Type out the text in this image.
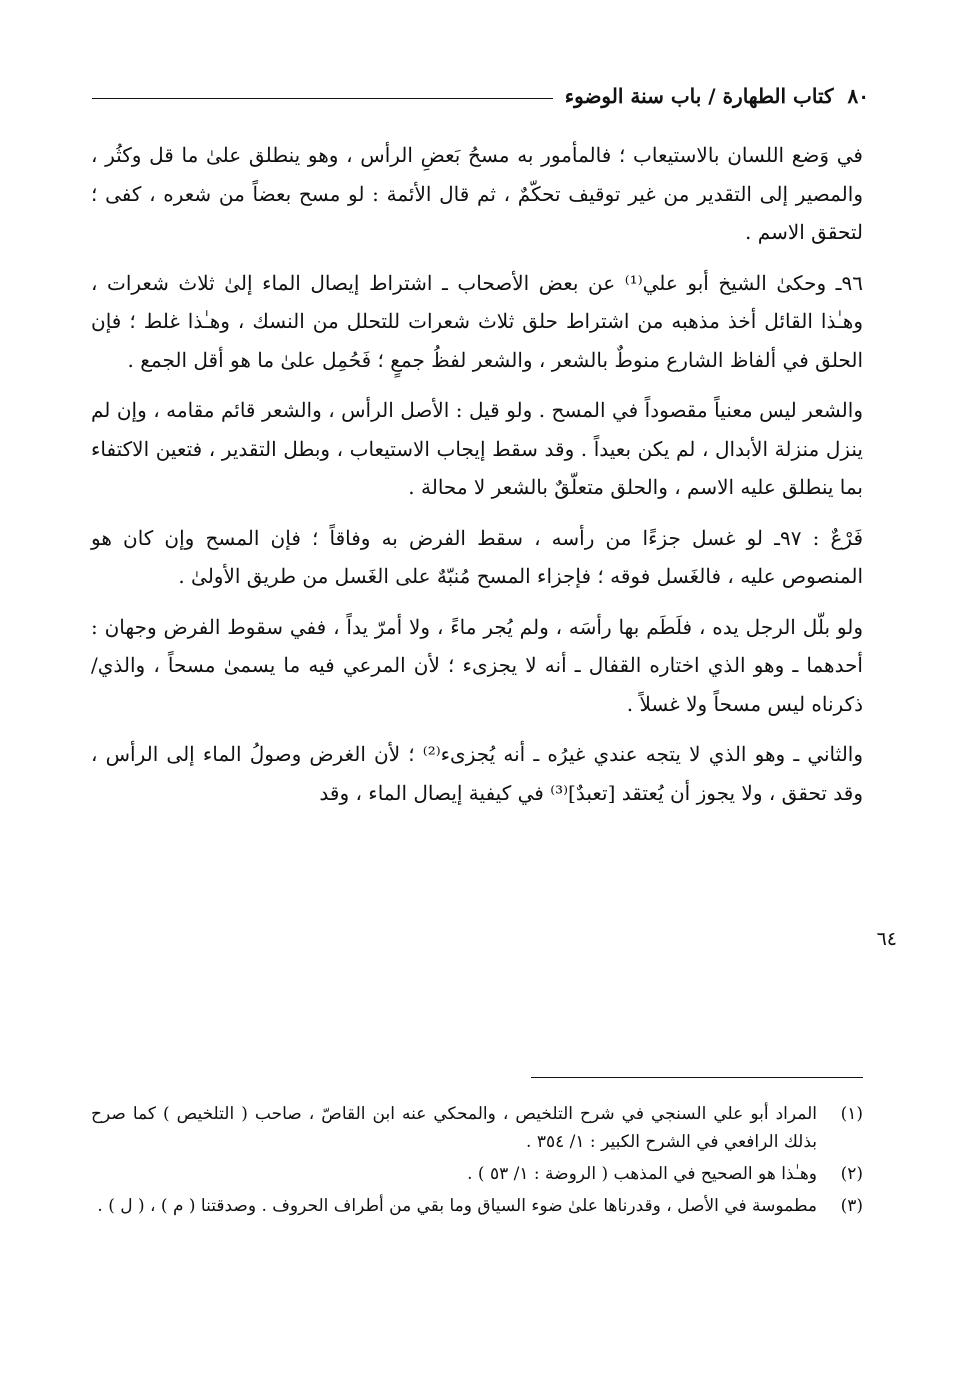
٨٠
كتاب الطهارة / باب سنة الوضوء

في وَضع اللسان بالاستيعاب ؛ فالمأمور به مسحُ بَعضِ الرأس ، وهو ينطلق علىٰ ما قل وكثُر ، والمصير إلى التقدير من غير توقيف تحكّمٌ ، ثم قال الأئمة : لو مسح بعضاً من شعره ، كفى ؛ لتحقق الاسم .

٩٦ـ وحكىٰ الشيخ أبو علي⁽¹⁾ عن بعض الأصحاب ـ اشتراط إيصال الماء إلىٰ ثلاث شعرات ، وهـٰذا القائل أخذ مذهبه من اشتراط حلق ثلاث شعرات للتحلل من النسك ، وهـٰذا غلط ؛ فإن الحلق في ألفاظ الشارع منوطٌ بالشعر ، والشعر لفظُ جمعٍ ؛ فَحُمِل علىٰ ما هو أقل الجمع .

والشعر ليس معنياً مقصوداً في المسح . ولو قيل : الأصل الرأس ، والشعر قائم مقامه ، وإن لم ينزل منزلة الأبدال ، لم يكن بعيداً . وقد سقط إيجاب الاستيعاب ، وبطل التقدير ، فتعين الاكتفاء بما ينطلق عليه الاسم ، والحلق متعلّقٌ بالشعر لا محالة .

فَرْعٌ : ٩٧ـ لو غسل جزءًا من رأسه ، سقط الفرض به وفاقاً ؛ فإن المسح وإن كان هو المنصوص عليه ، فالغَسل فوقه ؛ فإجزاء المسح مُنبّهٌ على الغَسل من طريق الأولىٰ .

ولو بلّل الرجل يده ، فلَطَم بها رأسَه ، ولم يُجر ماءً ، ولا أمرّ يداً ، ففي سقوط الفرض وجهان : أحدهما ـ وهو الذي اختاره القفال ـ أنه لا يجزىء ؛ لأن المرعي فيه ما يسمىٰ مسحاً ، والذي/ ذكرناه ليس مسحاً ولا غسلاً .

والثاني ـ وهو الذي لا يتجه عندي غيرُه ـ أنه يُجزىء⁽²⁾ ؛ لأن الغرض وصولُ الماء إلى الرأس ، وقد تحقق ، ولا يجوز أن يُعتقد [تعبدٌ]⁽³⁾ في كيفية إيصال الماء ، وقد

٦٤
(١)
المراد أبو علي السنجي في شرح التلخيص ، والمحكي عنه ابن القاصّ ، صاحب ( التلخيص ) كما صرح بذلك الرافعي في الشرح الكبير : ١/ ٣٥٤ .
(٢)
وهـٰذا هو الصحيح في المذهب ( الروضة : ١/ ٥٣ ) .
(٣)
مطموسة في الأصل ، وقدرناها علىٰ ضوء السياق وما بقي من أطراف الحروف . وصدقتنا ( م ) ، ( ل ) .
